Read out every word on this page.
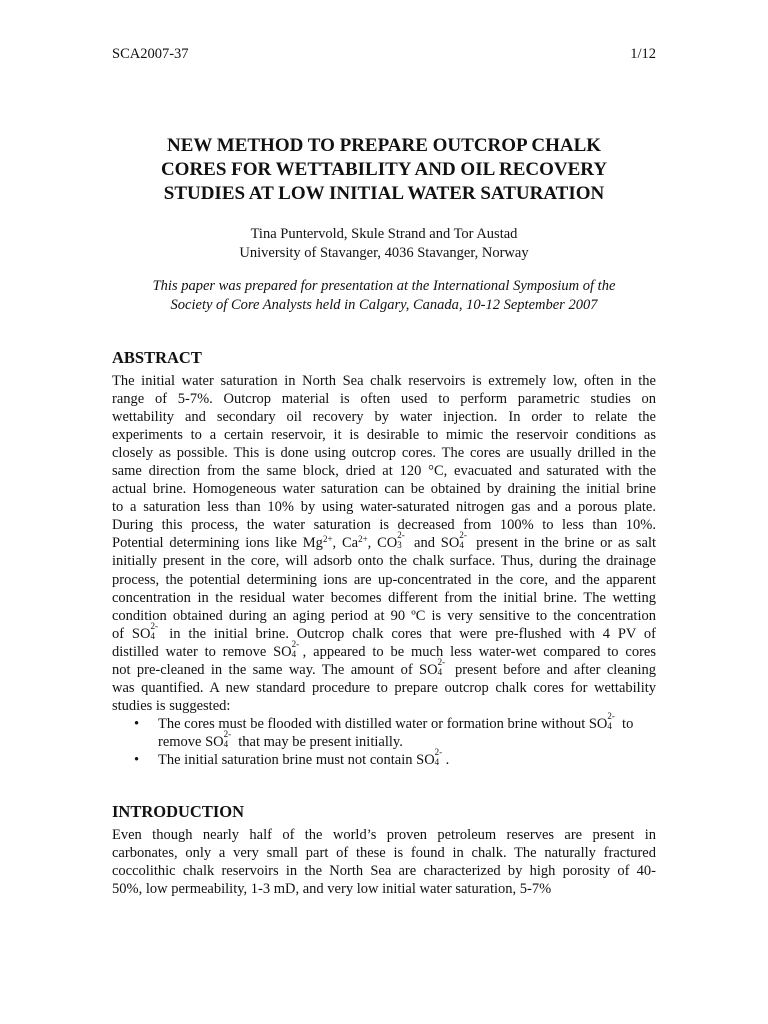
SCA2007-37	1/12
NEW METHOD TO PREPARE OUTCROP CHALK
CORES FOR WETTABILITY AND OIL RECOVERY
STUDIES AT LOW INITIAL WATER SATURATION
Tina Puntervold, Skule Strand and Tor Austad
University of Stavanger, 4036 Stavanger, Norway
This paper was prepared for presentation at the International Symposium of the
Society of Core Analysts held in Calgary, Canada, 10-12 September 2007
ABSTRACT
The initial water saturation in North Sea chalk reservoirs is extremely low, often in the
range of 5-7%. Outcrop material is often used to perform parametric studies on
wettability and secondary oil recovery by water injection. In order to relate the
experiments to a certain reservoir, it is desirable to mimic the reservoir conditions as
closely as possible. This is done using outcrop cores. The cores are usually drilled in the
same direction from the same block, dried at 120 °C, evacuated and saturated with the
actual brine. Homogeneous water saturation can be obtained by draining the initial brine
to a saturation less than 10% by using water-saturated nitrogen gas and a porous plate.
During this process, the water saturation is decreased from 100% to less than 10%.
Potential determining ions like $Mg^{2+}$, $Ca^{2+}$, CO 2-
3 and SO 2-
4 present in the brine or as salt
initially present in the core, will adsorb onto the chalk surface. Thus, during the drainage
process, the potential determining ions are up-concentrated in the core, and the apparent
concentration in the residual water becomes different from the initial brine. The wetting
condition obtained during an aging period at 90 ºC is very sensitive to the concentration
of SO 2-
4 in the initial brine. Outcrop chalk cores that were pre-flushed with 4 PV of
distilled water to remove SO 2-
4 , appeared to be much less water-wet compared to cores
not pre-cleaned in the same way. The amount of SO 2-
4 present before and after cleaning
was quantified. A new standard procedure to prepare outcrop chalk cores for wettability
studies is suggested:
• The cores must be flooded with distilled water or formation brine without SO 2-
4 to
remove SO 2-
4 that may be present initially.
• The initial saturation brine must not contain SO 2-
4 .
INTRODUCTION
Even though nearly half of the world’s proven petroleum reserves are present in
carbonates, only a very small part of these is found in chalk. The naturally fractured
coccolithic chalk reservoirs in the North Sea are characterized by high porosity of 40-
50%, low permeability, 1-3 mD, and very low initial water saturation, 5-7%
